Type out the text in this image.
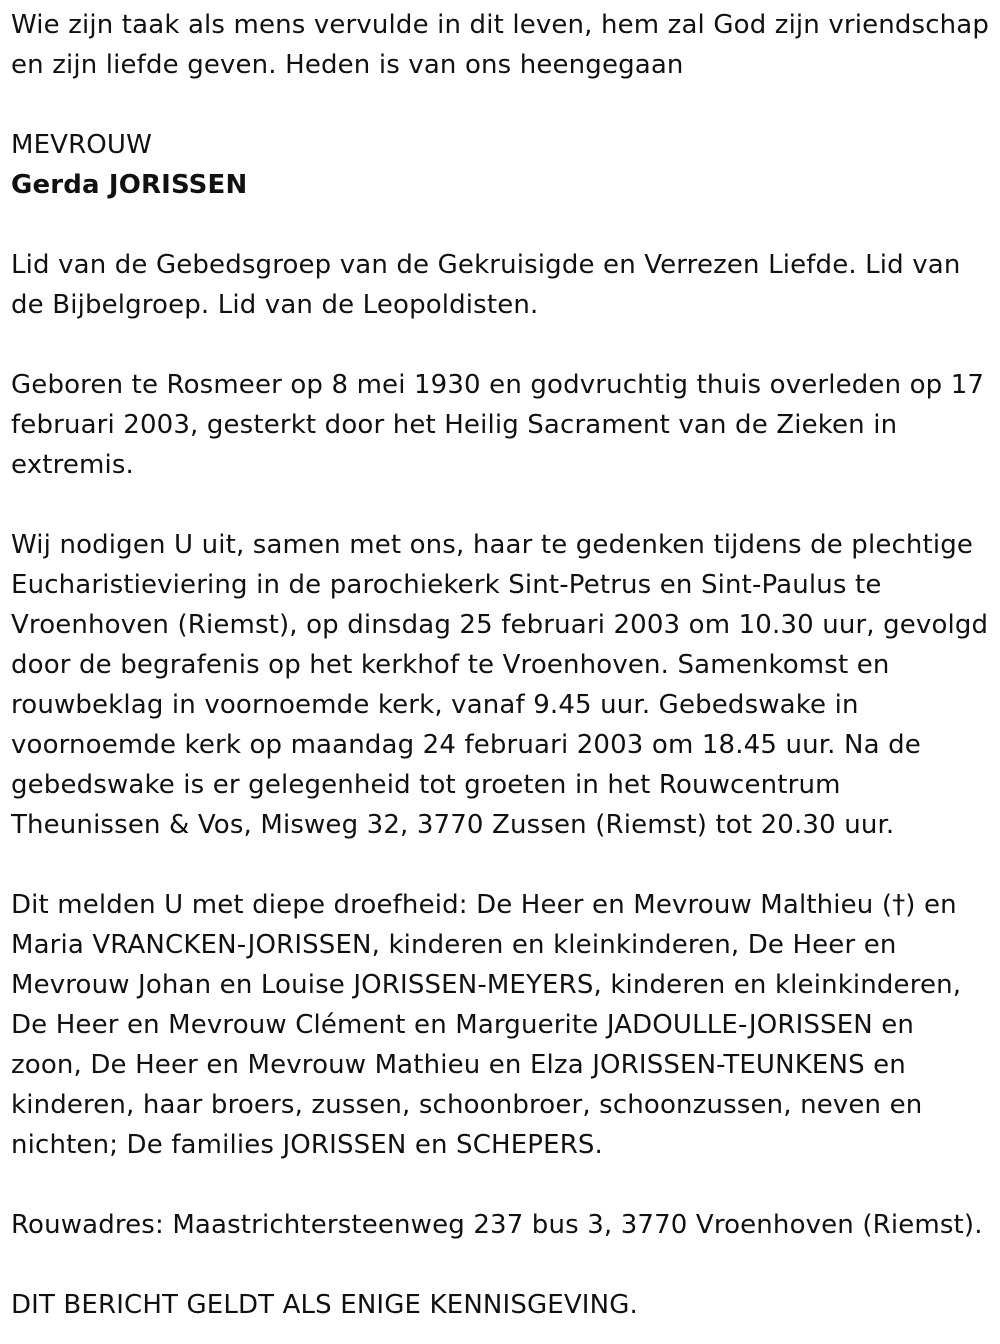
Wie zijn taak als mens vervulde in dit leven, hem zal God zijn vriendschap
en zijn liefde geven. Heden is van ons heengegaan
MEVROUW
Gerda JORISSEN
Lid van de Gebedsgroep van de Gekruisigde en Verrezen Liefde. Lid van
de Bijbelgroep. Lid van de Leopoldisten.
Geboren te Rosmeer op 8 mei 1930 en godvruchtig thuis overleden op 17
februari 2003, gesterkt door het Heilig Sacrament van de Zieken in
extremis.
Wij nodigen U uit, samen met ons, haar te gedenken tijdens de plechtige
Eucharistieviering in de parochiekerk Sint-Petrus en Sint-Paulus te
Vroenhoven (Riemst), op dinsdag 25 februari 2003 om 10.30 uur, gevolgd
door de begrafenis op het kerkhof te Vroenhoven. Samenkomst en
rouwbeklag in voornoemde kerk, vanaf 9.45 uur. Gebedswake in
voornoemde kerk op maandag 24 februari 2003 om 18.45 uur. Na de
gebedswake is er gelegenheid tot groeten in het Rouwcentrum
Theunissen & Vos, Misweg 32, 3770 Zussen (Riemst) tot 20.30 uur.
Dit melden U met diepe droefheid: De Heer en Mevrouw Malthieu (†) en
Maria VRANCKEN-JORISSEN, kinderen en kleinkinderen, De Heer en
Mevrouw Johan en Louise JORISSEN-MEYERS, kinderen en kleinkinderen,
De Heer en Mevrouw Clément en Marguerite JADOULLE-JORISSEN en
zoon, De Heer en Mevrouw Mathieu en Elza JORISSEN-TEUNKENS en
kinderen, haar broers, zussen, schoonbroer, schoonzussen, neven en
nichten; De families JORISSEN en SCHEPERS.
Rouwadres: Maastrichtersteenweg 237 bus 3, 3770 Vroenhoven (Riemst).
DIT BERICHT GELDT ALS ENIGE KENNISGEVING.
